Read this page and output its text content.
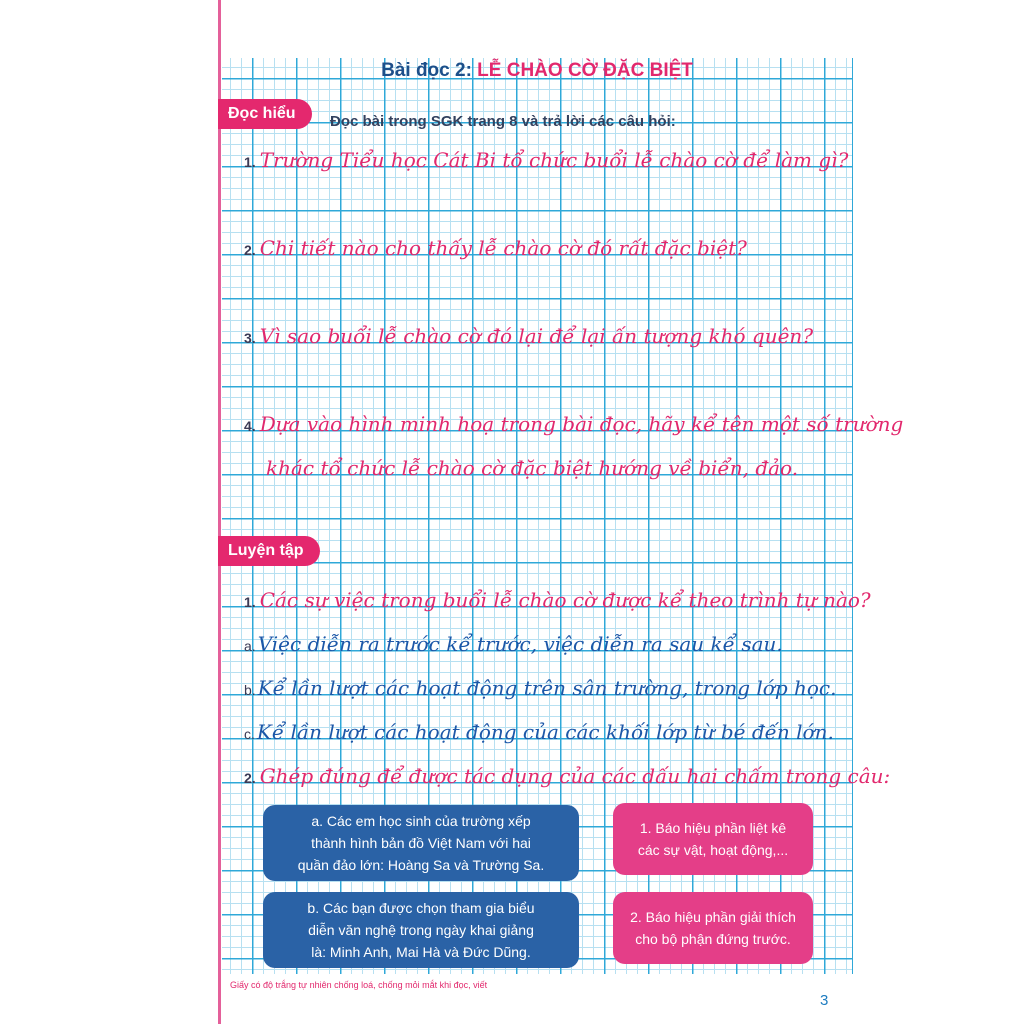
Bài đọc 2: LỄ CHÀO CỜ ĐẶC BIỆT
Đọc hiểu	Đọc bài trong SGK trang 8 và trả lời các câu hỏi:
1. Trường Tiểu học Cát Bi tổ chức buổi lễ chào cờ để làm gì?
2. Chi tiết nào cho thấy lễ chào cờ đó rất đặc biệt?
3. Vì sao buổi lễ chào cờ đó lại để lại ấn tượng khó quên?
4. Dựa vào hình minh hoạ trong bài đọc, hãy kể tên một số trường
khác tổ chức lễ chào cờ đặc biệt hướng về biển, đảo.
Luyện tập
1. Các sự việc trong buổi lễ chào cờ được kể theo trình tự nào?
a. Việc diễn ra trước kể trước, việc diễn ra sau kể sau.
b. Kể lần lượt các hoạt động trên sân trường, trong lớp học.
c. Kể lần lượt các hoạt động của các khối lớp từ bé đến lớn.
2. Ghép đúng để được tác dụng của các dấu hai chấm trong câu:
a. Các em học sinh của trường xếp
thành hình bản đồ Việt Nam với hai
quần đảo lớn: Hoàng Sa và Trường Sa.
b. Các bạn được chọn tham gia biểu
diễn văn nghệ trong ngày khai giảng
là: Minh Anh, Mai Hà và Đức Dũng.
1. Báo hiệu phần liệt kê
các sự vật, hoạt động,...
2. Báo hiệu phần giải thích
cho bộ phận đứng trước.
Giấy có độ trắng tự nhiên chống loá, chống mỏi mắt khi đọc, viết
3
